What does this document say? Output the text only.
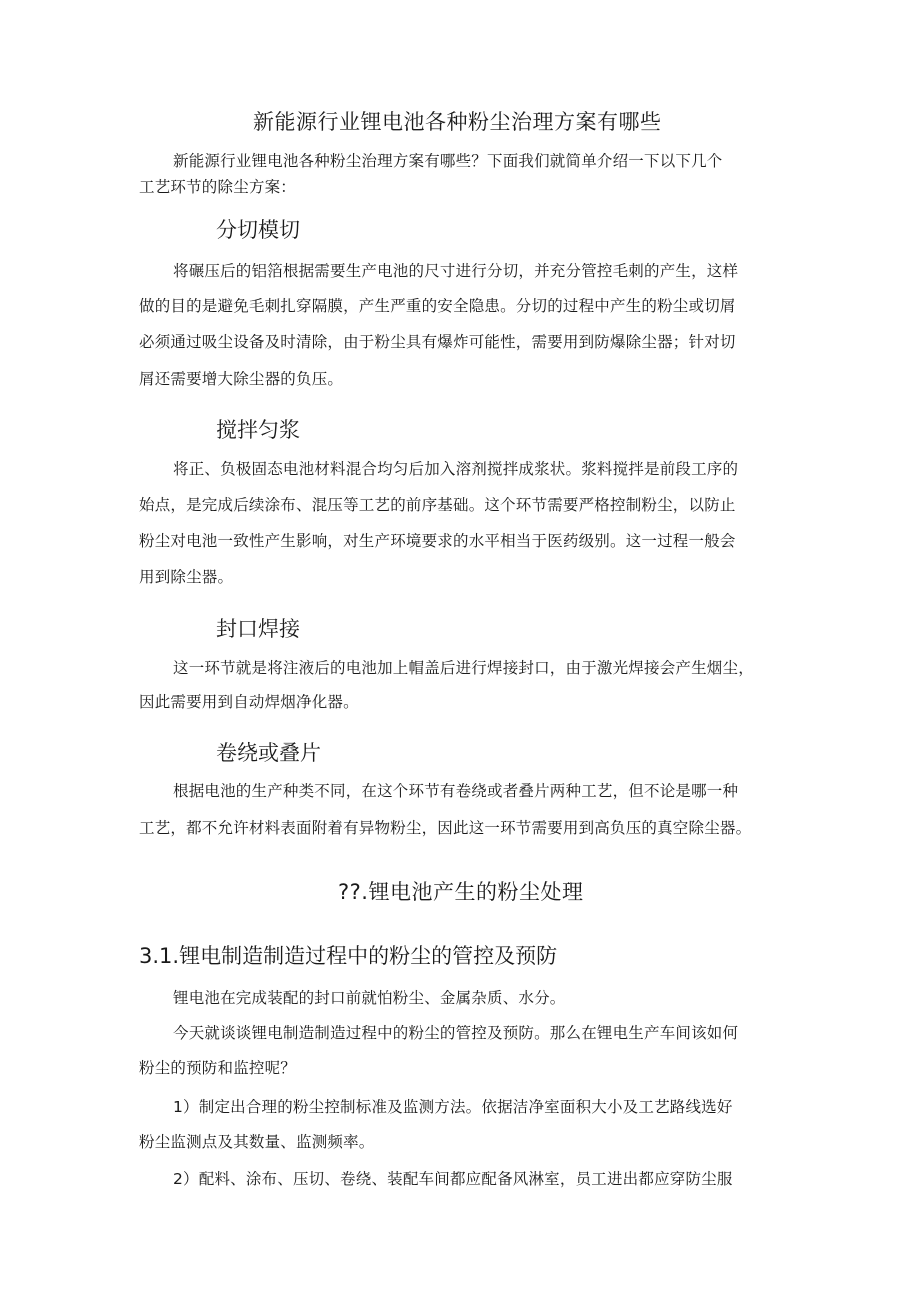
新能源行业锂电池各种粉尘治理方案有哪些
新能源行业锂电池各种粉尘治理方案有哪些？下面我们就简单介绍一下以下几个
工艺环节的除尘方案：
分切模切
将碾压后的铝箔根据需要生产电池的尺寸进行分切，并充分管控毛刺的产生，这样
做的目的是避免毛刺扎穿隔膜，产生严重的安全隐患。分切的过程中产生的粉尘或切屑
必须通过吸尘设备及时清除，由于粉尘具有爆炸可能性，需要用到防爆除尘器；针对切
屑还需要增大除尘器的负压。
搅拌匀浆
将正、负极固态电池材料混合均匀后加入溶剂搅拌成浆状。浆料搅拌是前段工序的
始点，是完成后续涂布、混压等工艺的前序基础。这个环节需要严格控制粉尘，以防止
粉尘对电池一致性产生影响，对生产环境要求的水平相当于医药级别。这一过程一般会
用到除尘器。
封口焊接
这一环节就是将注液后的电池加上帽盖后进行焊接封口，由于激光焊接会产生烟尘，
因此需要用到自动焊烟净化器。
卷绕或叠片
根据电池的生产种类不同，在这个环节有卷绕或者叠片两种工艺，但不论是哪一种
工艺，都不允许材料表面附着有异物粉尘，因此这一环节需要用到高负压的真空除尘器。
??.锂电池产生的粉尘处理
3.1.锂电制造制造过程中的粉尘的管控及预防
锂电池在完成装配的封口前就怕粉尘、金属杂质、水分。
今天就谈谈锂电制造制造过程中的粉尘的管控及预防。那么在锂电生产车间该如何
粉尘的预防和监控呢？
1）制定出合理的粉尘控制标准及监测方法。依据洁净室面积大小及工艺路线选好
粉尘监测点及其数量、监测频率。
2）配料、涂布、压切、卷绕、装配车间都应配备风淋室，员工进出都应穿防尘服
